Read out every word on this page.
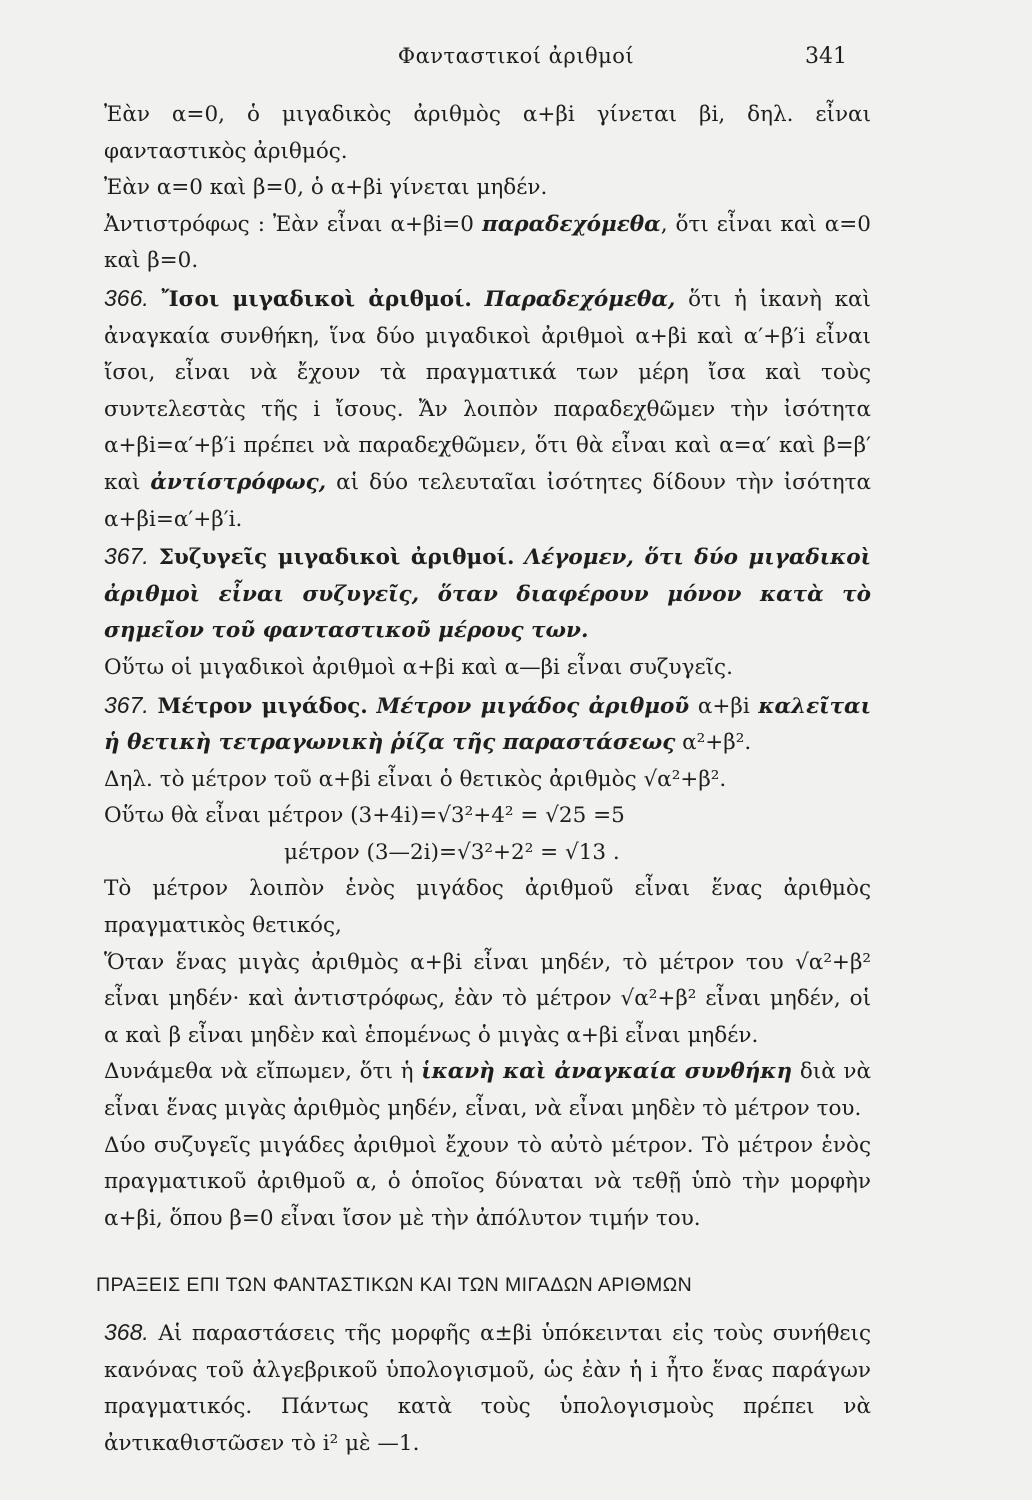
Φανταστικοί ἀριθμοί	341

Ἐὰν α=0, ὁ μιγαδικὸς ἀριθμὸς α+βi γίνεται βi, δηλ. εἶναι φανταστικὸς ἀριθμός.

Ἐὰν α=0 καὶ β=0, ὁ α+βi γίνεται μηδέν.

Ἀντιστρόφως : Ἐὰν εἶναι α+βi=0 παραδεχόμεθα, ὅτι εἶναι καὶ α=0 καὶ β=0.

366. Ἴσοι μιγαδικοὶ ἀριθμοί. Παραδεχόμεθα, ὅτι ἡ ἱκανὴ καὶ ἀναγκαία συνθήκη, ἵνα δύο μιγαδικοὶ ἀριθμοὶ α+βi καὶ α′+β′i εἶναι ἴσοι, εἶναι νὰ ἔχουν τὰ πραγματικά των μέρη ἴσα καὶ τοὺς συντελεστὰς τῆς i ἴσους. Ἄν λοιπὸν παραδεχθῶμεν τὴν ἰσότητα α+βi=α′+β′i πρέπει νὰ παραδεχθῶμεν, ὅτι θὰ εἶναι καὶ α=α′ καὶ β=β′ καὶ ἀντίστρόφως, αἱ δύο τελευταῖαι ἰσότητες δίδουν τὴν ἰσότητα α+βi=α′+β′i.

367. Συζυγεῖς μιγαδικοὶ ἀριθμοί. Λέγομεν, ὅτι δύο μιγαδικοὶ ἀριθμοὶ εἶναι συζυγεῖς, ὅταν διαφέρουν μόνον κατὰ τὸ σημεῖον τοῦ φανταστικοῦ μέρους των.

Οὕτω οἱ μιγαδικοὶ ἀριθμοὶ α+βi καὶ α—βi εἶναι συζυγεῖς.

367. Μέτρον μιγάδος. Μέτρον μιγάδος ἀριθμοῦ α+βi καλεῖται ἡ θετικὴ τετραγωνικὴ ῥίζα τῆς παραστάσεως α²+β².

Δηλ. τὸ μέτρον τοῦ α+βi εἶναι ὁ θετικὸς ἀριθμὸς √α²+β².

Οὕτω θὰ εἶναι μέτρον (3+4i)=√3²+4² = √25 =5

μέτρον (3—2i)=√3²+2² = √13 .

Τὸ μέτρον λοιπὸν ἑνὸς μιγάδος ἀριθμοῦ εἶναι ἕνας ἀριθμὸς πραγματικὸς θετικός,

Ὅταν ἕνας μιγὰς ἀριθμὸς α+βi εἶναι μηδέν, τὸ μέτρον του √α²+β² εἶναι μηδέν· καὶ ἀντιστρόφως, ἐὰν τὸ μέτρον √α²+β² εἶναι μηδέν, οἱ α καὶ β εἶναι μηδὲν καὶ ἑπομένως ὁ μιγὰς α+βi εἶναι μηδέν.

Δυνάμεθα νὰ εἴπωμεν, ὅτι ἡ ἱκανὴ καὶ ἀναγκαία συνθήκη διὰ νὰ εἶναι ἕνας μιγὰς ἀριθμὸς μηδέν, εἶναι, νὰ εἶναι μηδὲν τὸ μέτρον του.

Δύο συζυγεῖς μιγάδες ἀριθμοὶ ἔχουν τὸ αὐτὸ μέτρον. Τὸ μέτρον ἑνὸς πραγματικοῦ ἀριθμοῦ α, ὁ ὁποῖος δύναται νὰ τεθῇ ὑπὸ τὴν μορφὴν α+βi, ὅπου β=0 εἶναι ἴσον μὲ τὴν ἀπόλυτον τιμήν του.

ΠΡΑΞΕΙΣ ΕΠΙ ΤΩΝ ΦΑΝΤΑΣΤΙΚΩΝ ΚΑΙ ΤΩΝ ΜΙΓΑΔΩΝ ΑΡΙΘΜΩΝ

368. Αἱ παραστάσεις τῆς μορφῆς α±βi ὑπόκεινται εἰς τοὺς συνήθεις κανόνας τοῦ ἀλγεβρικοῦ ὑπολογισμοῦ, ὡς ἐὰν ἡ i ἦτο ἕνας παράγων πραγματικός. Πάντως κατὰ τοὺς ὑπολογισμοὺς πρέπει νὰ ἀντικαθιστῶσεν τὸ i² μὲ —1.
